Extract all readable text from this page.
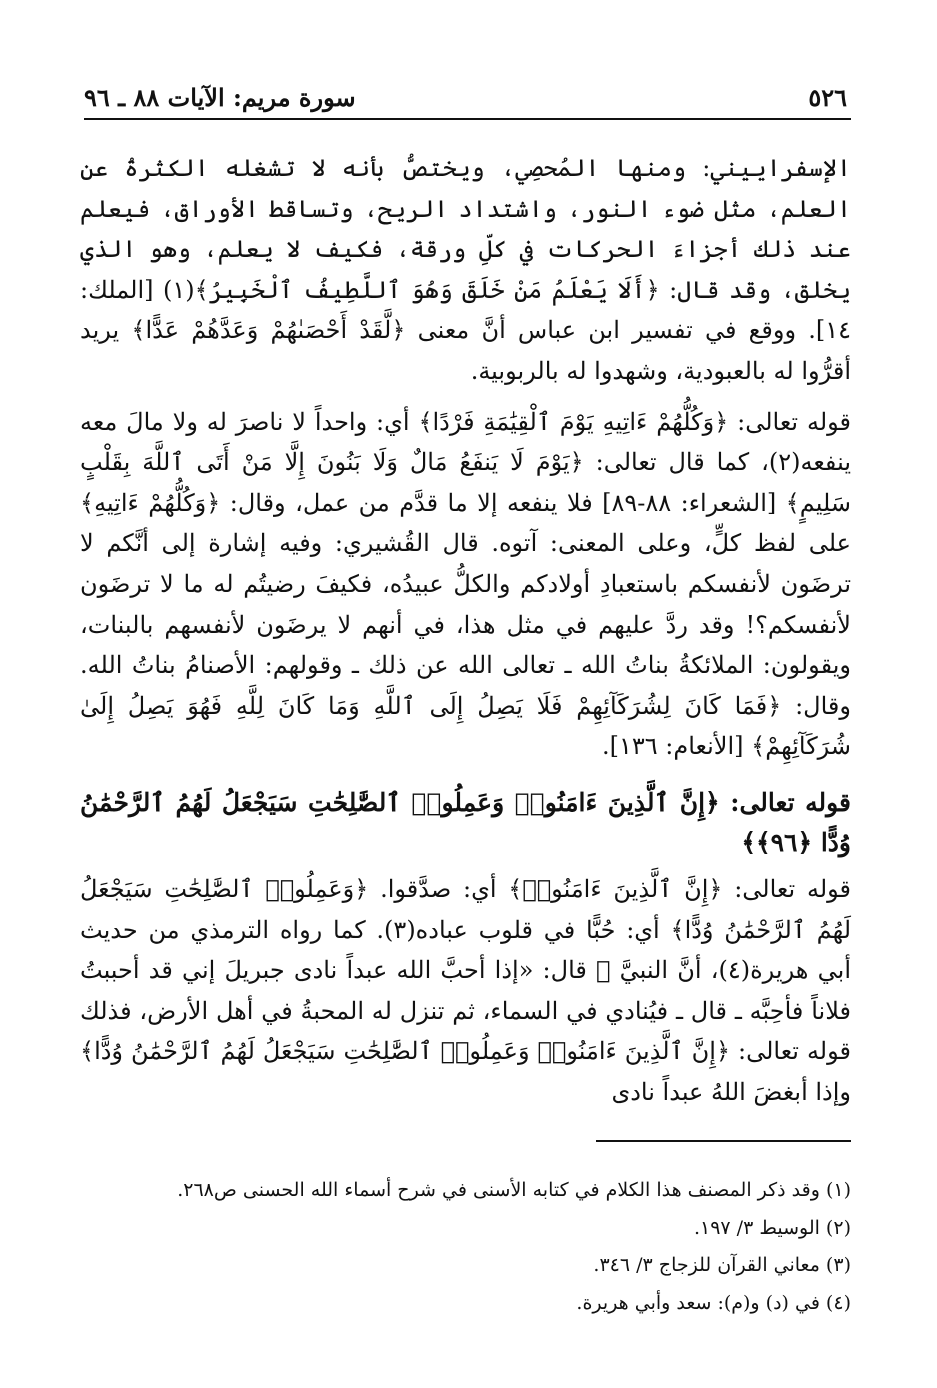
٥٢٦
سورة مريم: الآيات ٨٨ ـ ٩٦

الإسفراييني: ومنها المُحصِي، ويختصُّ بأنه لا تشغله الكثرةُ عن العلم، مثل ضوء النور، واشتداد الريح، وتساقط الأوراق، فيعلم عند ذلك أجزاءَ الحركات في كلِّ ورقة، فكيف لا يعلم، وهو الذي يخلق، وقد قال: ﴿أَلَا يَعْلَمُ مَنْ خَلَقَ وَهُوَ ٱللَّطِيفُ ٱلْخَبِيرُ﴾(١) [الملك: ١٤]. ووقع في تفسير ابن عباس أنَّ معنى ﴿لَّقَدْ أَحْصَىٰهُمْ وَعَدَّهُمْ عَدًّا﴾ يريد أقرُّوا له بالعبودية، وشهدوا له بالربوبية.

قوله تعالى: ﴿وَكُلُّهُمْ ءَاتِيهِ يَوْمَ ٱلْقِيَٰمَةِ فَرْدًا﴾ أي: واحداً لا ناصرَ له ولا مالَ معه ينفعه(٢)، كما قال تعالى: ﴿يَوْمَ لَا يَنفَعُ مَالٌ وَلَا بَنُونَ إِلَّا مَنْ أَتَى ٱللَّهَ بِقَلْبٍ سَلِيمٍ﴾ [الشعراء: ٨٨-٨٩] فلا ينفعه إلا ما قدَّم من عمل، وقال: ﴿وَكُلُّهُمْ ءَاتِيهِ﴾ على لفظ كلٍّ، وعلى المعنى: آتوه. قال القُشيري: وفيه إشارة إلى أنَّكم لا ترضَون لأنفسكم باستعبادِ أولادكم والكلُّ عبيدُه، فكيفَ رضيتُم له ما لا ترضَون لأنفسكم؟! وقد ردَّ عليهم في مثل هذا، في أنهم لا يرضَون لأنفسهم بالبنات، ويقولون: الملائكةُ بناتُ الله ـ تعالى الله عن ذلك ـ وقولهم: الأصنامُ بناتُ الله. وقال: ﴿فَمَا كَانَ لِشُرَكَآئِهِمْ فَلَا يَصِلُ إِلَى ٱللَّهِ وَمَا كَانَ لِلَّهِ فَهُوَ يَصِلُ إِلَىٰ شُرَكَآئِهِمْ﴾ [الأنعام: ١٣٦].

قوله تعالى: ﴿إِنَّ ٱلَّذِينَ ءَامَنُوا۟ وَعَمِلُوا۟ ٱلصَّٰلِحَٰتِ سَيَجْعَلُ لَهُمُ ٱلرَّحْمَٰنُ وُدًّا ﴿٩٦﴾﴾

قوله تعالى: ﴿إِنَّ ٱلَّذِينَ ءَامَنُوا۟﴾ أي: صدَّقوا. ﴿وَعَمِلُوا۟ ٱلصَّٰلِحَٰتِ سَيَجْعَلُ لَهُمُ ٱلرَّحْمَٰنُ وُدًّا﴾ أي: حُبًّا في قلوب عباده(٣). كما رواه الترمذي من حديث أبي هريرة(٤)، أنَّ النبيَّ ﷺ قال: «إذا أحبَّ الله عبداً نادى جبريلَ إني قد أحببتُ فلاناً فأحِبَّه ـ قال ـ فيُنادي في السماء، ثم تنزل له المحبةُ في أهل الأرض، فذلك قوله تعالى: ﴿إِنَّ ٱلَّذِينَ ءَامَنُوا۟ وَعَمِلُوا۟ ٱلصَّٰلِحَٰتِ سَيَجْعَلُ لَهُمُ ٱلرَّحْمَٰنُ وُدًّا﴾ وإذا أبغضَ اللهُ عبداً نادى

(١) وقد ذكر المصنف هذا الكلام في كتابه الأسنى في شرح أسماء الله الحسنى ص٢٦٨.
(٢) الوسيط ٣/ ١٩٧.
(٣) معاني القرآن للزجاج ٣/ ٣٤٦.
(٤) في (د) و(م): سعد وأبي هريرة.
